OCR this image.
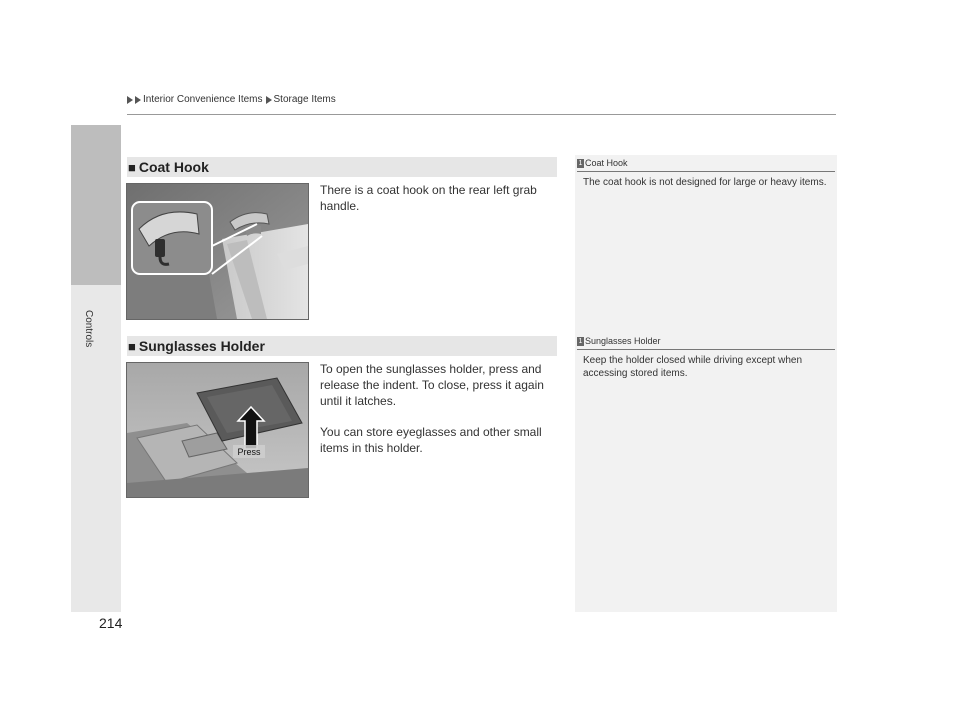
Interior Convenience Items Storage Items
Controls
■ Coat Hook
There is a coat hook on the rear left grab handle.
■ Sunglasses Holder
Press
To open the sunglasses holder, press and release the indent. To close, press it again until it latches.
You can store eyeglasses and other small items in this holder.
1 Coat Hook
The coat hook is not designed for large or heavy items.
1 Sunglasses Holder
Keep the holder closed while driving except when accessing stored items.
214
